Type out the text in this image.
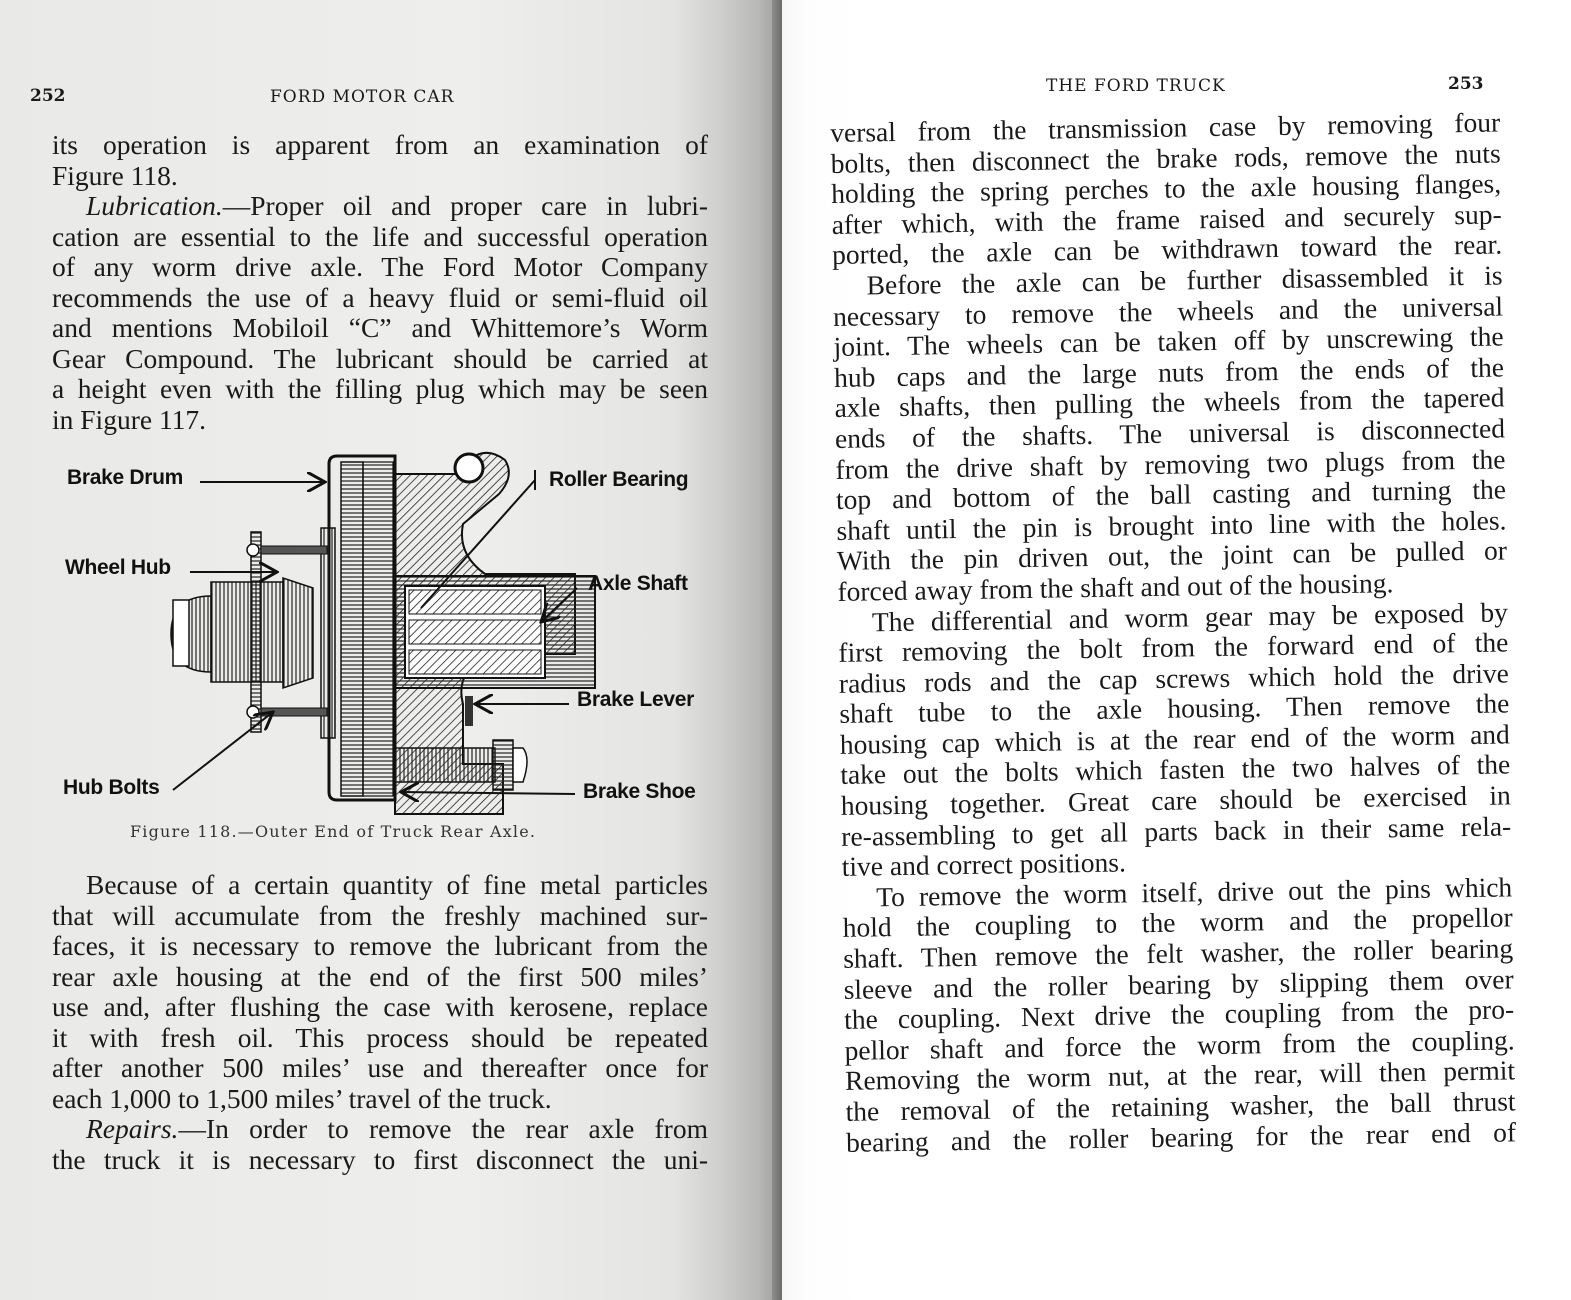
252	FORD MOTOR CAR
its operation is apparent from an examination of
Figure 118.
Lubrication.—Proper oil and proper care in lubri-
cation are essential to the life and successful operation
of any worm drive axle. The Ford Motor Company
recommends the use of a heavy fluid or semi-fluid oil
and mentions Mobiloil “C” and Whittemore’s Worm
Gear Compound. The lubricant should be carried at
a height even with the filling plug which may be seen
in Figure 117.
Brake Drum
Wheel Hub
Hub Bolts
Roller Bearing
Axle Shaft
Brake Lever
Brake Shoe
Figure 118.—Outer End of Truck Rear Axle.
Because of a certain quantity of fine metal particles
that will accumulate from the freshly machined sur-
faces, it is necessary to remove the lubricant from the
rear axle housing at the end of the first 500 miles’
use and, after flushing the case with kerosene, replace
it with fresh oil. This process should be repeated
after another 500 miles’ use and thereafter once for
each 1,000 to 1,500 miles’ travel of the truck.
Repairs.—In order to remove the rear axle from
the truck it is necessary to first disconnect the uni-
THE FORD TRUCK	253
versal from the transmission case by removing four
bolts, then disconnect the brake rods, remove the nuts
holding the spring perches to the axle housing flanges,
after which, with the frame raised and securely sup-
ported, the axle can be withdrawn toward the rear.
Before the axle can be further disassembled it is
necessary to remove the wheels and the universal
joint. The wheels can be taken off by unscrewing the
hub caps and the large nuts from the ends of the
axle shafts, then pulling the wheels from the tapered
ends of the shafts. The universal is disconnected
from the drive shaft by removing two plugs from the
top and bottom of the ball casting and turning the
shaft until the pin is brought into line with the holes.
With the pin driven out, the joint can be pulled or
forced away from the shaft and out of the housing.
The differential and worm gear may be exposed by
first removing the bolt from the forward end of the
radius rods and the cap screws which hold the drive
shaft tube to the axle housing. Then remove the
housing cap which is at the rear end of the worm and
take out the bolts which fasten the two halves of the
housing together. Great care should be exercised in
re-assembling to get all parts back in their same rela-
tive and correct positions.
To remove the worm itself, drive out the pins which
hold the coupling to the worm and the propellor
shaft. Then remove the felt washer, the roller bearing
sleeve and the roller bearing by slipping them over
the coupling. Next drive the coupling from the pro-
pellor shaft and force the worm from the coupling.
Removing the worm nut, at the rear, will then permit
the removal of the retaining washer, the ball thrust
bearing and the roller bearing for the rear end of
